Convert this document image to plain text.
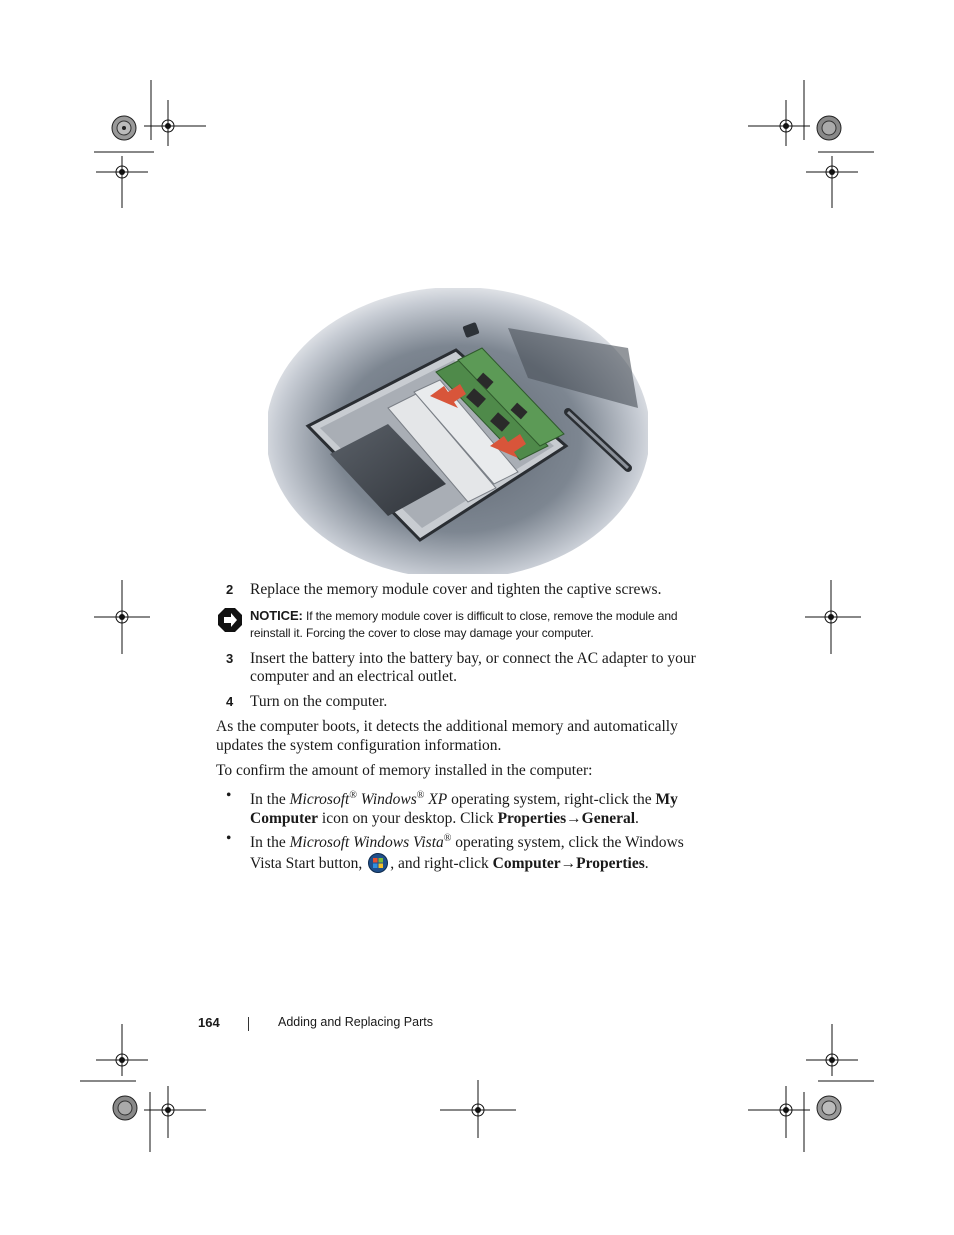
2 Replace the memory module cover and tighten the captive screws.
NOTICE: If the memory module cover is difficult to close, remove the module and reinstall it. Forcing the cover to close may damage your computer.
3 Insert the battery into the battery bay, or connect the AC adapter to your computer and an electrical outlet.
4 Turn on the computer.
As the computer boots, it detects the additional memory and automatically updates the system configuration information.
To confirm the amount of memory installed in the computer:
• In the Microsoft® Windows® XP operating system, right-click the My Computer icon on your desktop. Click Properties→General.
• In the Microsoft Windows Vista® operating system, click the Windows Vista Start button, , and right-click Computer→Properties.
164	Adding and Replacing Parts
